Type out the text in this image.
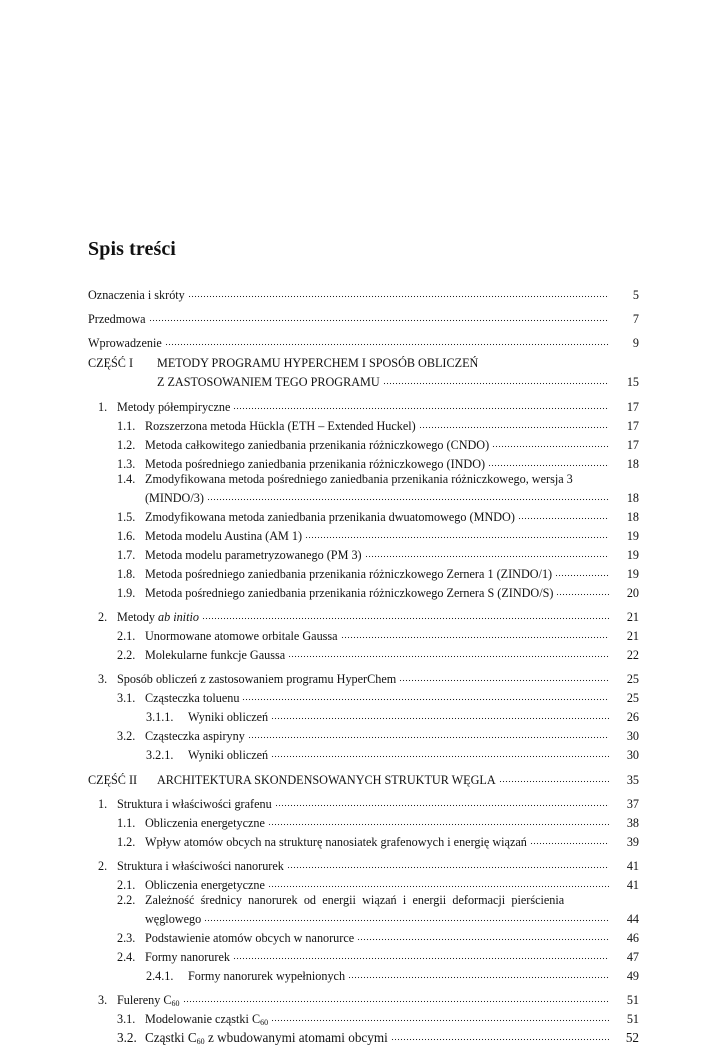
Spis treści
Oznaczenia i skróty	5
Przedmowa	7
Wprowadzenie	9
CZĘŚĆ I	METODY PROGRAMU HYPERCHEM I SPOSÓB OBLICZEŃ
Z ZASTOSOWANIEM TEGO PROGRAMU	15
1. Metody półempiryczne	17
1.1. Rozszerzona metoda Hückla (ETH – Extended Huckel)	17
1.2. Metoda całkowitego zaniedbania przenikania różniczkowego (CNDO)	17
1.3. Metoda pośredniego zaniedbania przenikania różniczkowego (INDO)	18
1.4. Zmodyfikowana metoda pośredniego zaniedbania przenikania różniczkowego, wersja 3
(MINDO/3)	18
1.5. Zmodyfikowana metoda zaniedbania przenikania dwuatomowego (MNDO)	18
1.6. Metoda modelu Austina (AM 1)	19
1.7. Metoda modelu parametryzowanego (PM 3)	19
1.8. Metoda pośredniego zaniedbania przenikania różniczkowego Zernera 1 (ZINDO/1)	19
1.9. Metoda pośredniego zaniedbania przenikania różniczkowego Zernera S (ZINDO/S)	20
2. Metody ab initio	21
2.1. Unormowane atomowe orbitale Gaussa	21
2.2. Molekularne funkcje Gaussa	22
3. Sposób obliczeń z zastosowaniem programu HyperChem	25
3.1. Cząsteczka toluenu	25
3.1.1.	Wyniki obliczeń	26
3.2. Cząsteczka aspiryny	30
3.2.1.	Wyniki obliczeń	30
CZĘŚĆ II	ARCHITEKTURA SKONDENSOWANYCH STRUKTUR WĘGLA	35
1. Struktura i właściwości grafenu	37
1.1. Obliczenia energetyczne	38
1.2. Wpływ atomów obcych na strukturę nanosiatek grafenowych i energię wiązań	39
2. Struktura i właściwości nanorurek	41
2.1. Obliczenia energetyczne	41
2.2. Zależność średnicy nanorurek od energii wiązań i energii deformacji pierścienia
węglowego	44
2.3. Podstawienie atomów obcych w nanorurce	46
2.4. Formy nanorurek	47
2.4.1.	Formy nanorurek wypełnionych	49
3. Fulereny $C_{60}$	51
3.1. Modelowanie cząstki $C_{60}$	51
3.2. Cząstki $C_{60}$ z wbudowanymi atomami obcymi	52
